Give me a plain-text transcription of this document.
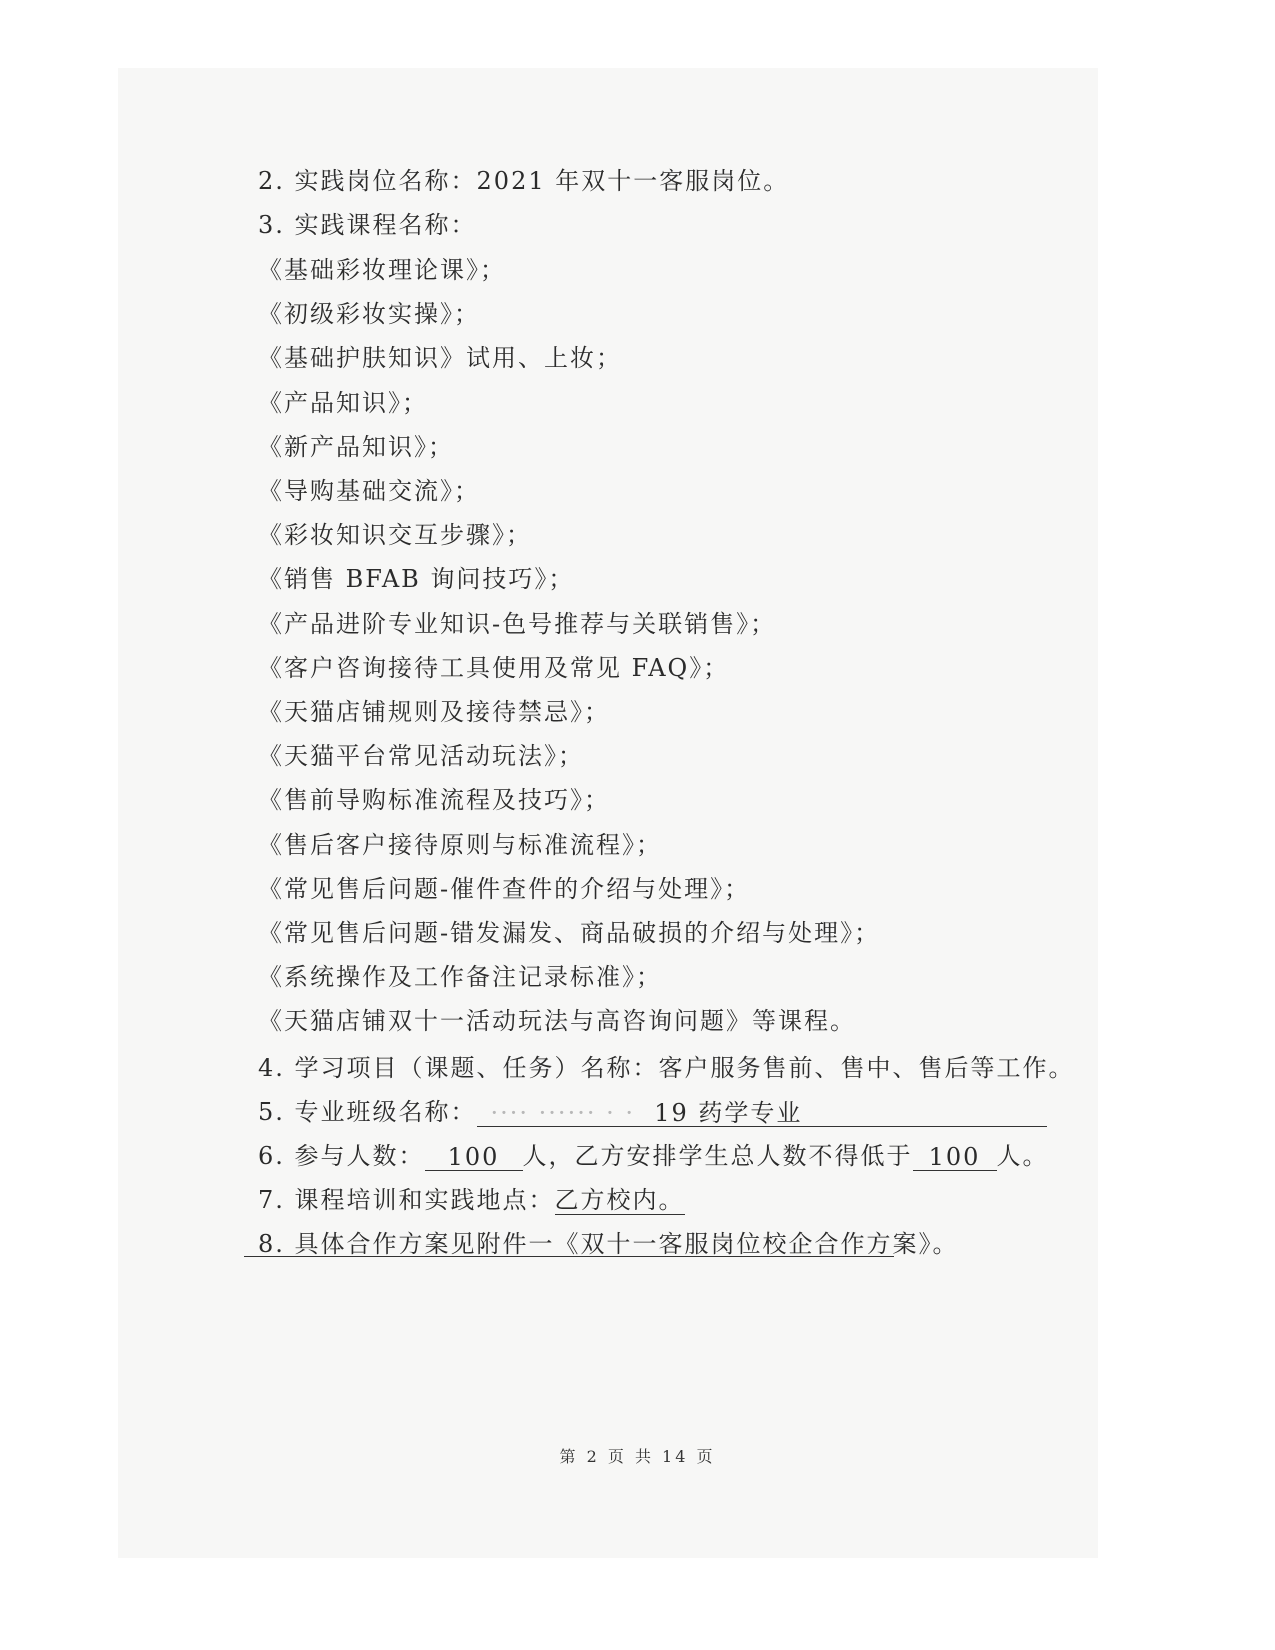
2. 实践岗位名称：2021 年双十一客服岗位。
3. 实践课程名称：
《基础彩妆理论课》；
《初级彩妆实操》；
《基础护肤知识》试用、上妆；
《产品知识》；
《新产品知识》；
《导购基础交流》；
《彩妆知识交互步骤》；
《销售 BFAB 询问技巧》；
《产品进阶专业知识-色号推荐与关联销售》；
《客户咨询接待工具使用及常见 FAQ》；
《天猫店铺规则及接待禁忌》；
《天猫平台常见活动玩法》；
《售前导购标准流程及技巧》；
《售后客户接待原则与标准流程》；
《常见售后问题-催件查件的介绍与处理》；
《常见售后问题-错发漏发、商品破损的介绍与处理》；
《系统操作及工作备注记录标准》；
《天猫店铺双十一活动玩法与高咨询问题》等课程。
4. 学习项目（课题、任务）名称：客户服务售前、售中、售后等工作。
5. 专业班级名称： ···· ······ · · 19 药学专业
6. 参与人数： 100 人，乙方安排学生总人数不得低于 100 人。
7. 课程培训和实践地点：乙方校内。
8. 具体合作方案见附件一《双十一客服岗位校企合作方案》。
第 2 页 共 14 页
